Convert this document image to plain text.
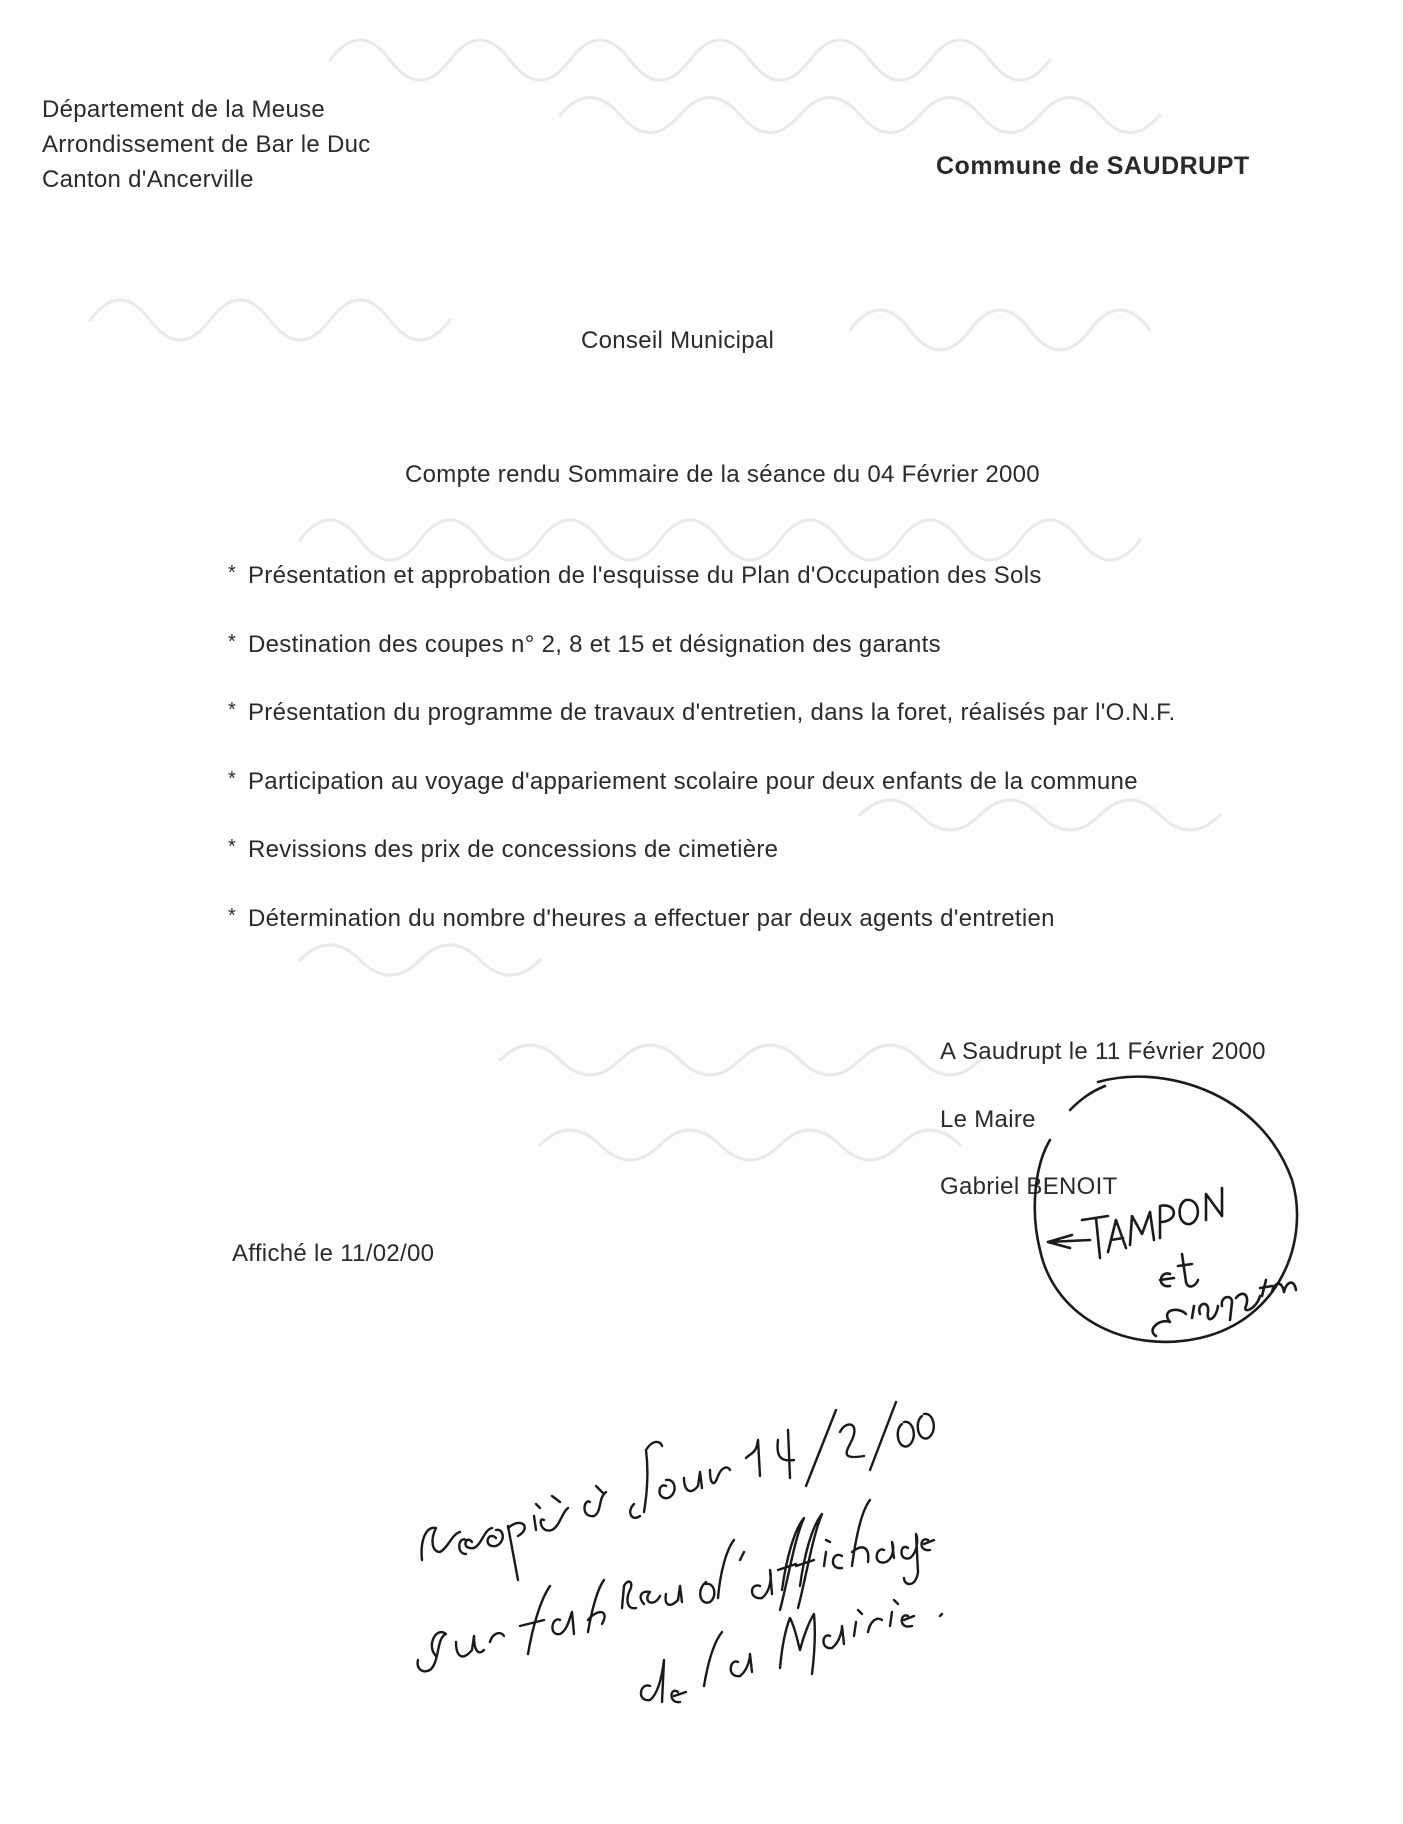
Département de la Meuse
Arrondissement de Bar le Duc
Canton d'Ancerville	Commune de SAUDRUPT
Conseil Municipal
Compte rendu Sommaire de la séance du 04 Février 2000
* Présentation et approbation de l'esquisse du Plan d'Occupation des Sols
* Destination des coupes n° 2, 8 et 15 et désignation des garants
* Présentation du programme de travaux d'entretien, dans la foret, réalisés par l'O.N.F.
* Participation au voyage d'appariement scolaire pour deux enfants de la commune
* Revissions des prix de concessions de cimetière
* Détermination du nombre d'heures a effectuer par deux agents d'entretien
A Saudrupt le 11 Février 2000
Le Maire
Gabriel BENOIT
Affiché le 11/02/00
